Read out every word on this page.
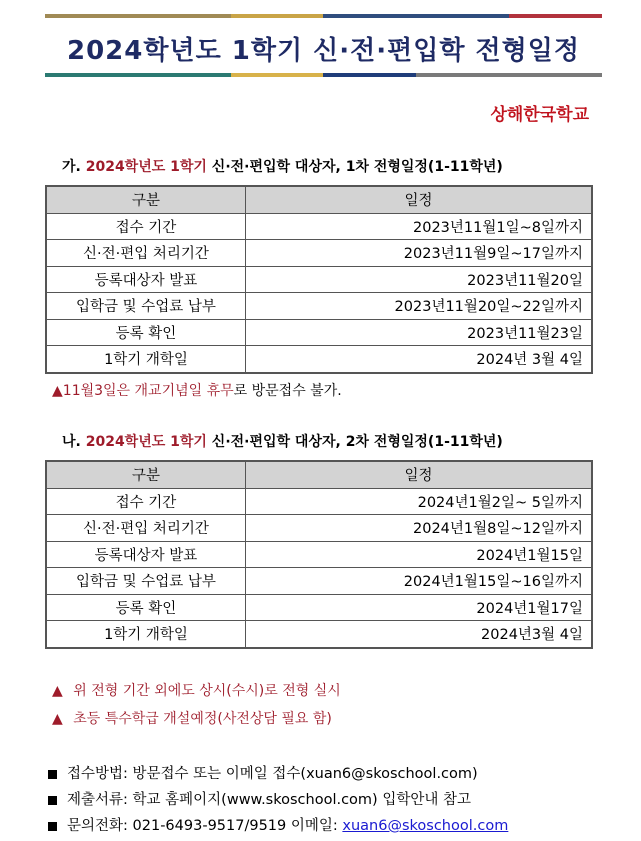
2024학년도 1학기 신·전·편입학 전형일정
상해한국학교
가. 2024학년도 1학기 신·전·편입학 대상자, 1차 전형일정(1-11학년)
구분	일정
접수 기간	2023년11월1일~8일까지
신·전·편입 처리기간	2023년11월9일~17일까지
등록대상자 발표	2023년11월20일
입학금 및 수업료 납부	2023년11월20일~22일까지
등록 확인	2023년11월23일
1학기 개학일	2024년 3월 4일
▲11월3일은 개교기념일 휴무로 방문접수 불가.
나. 2024학년도 1학기 신·전·편입학 대상자, 2차 전형일정(1-11학년)
구분	일정
접수 기간	2024년1월2일~ 5일까지
신·전·편입 처리기간	2024년1월8일~12일까지
등록대상자 발표	2024년1월15일
입학금 및 수업료 납부	2024년1월15일~16일까지
등록 확인	2024년1월17일
1학기 개학일	2024년3월 4일
▲ 위 전형 기간 외에도 상시(수시)로 전형 실시
▲ 초등 특수학급 개설예정(사전상담 필요 함)
접수방법: 방문접수 또는 이메일 접수(xuan6@skoschool.com)
제출서류: 학교 홈페이지(www.skoschool.com) 입학안내 참고
문의전화: 021-6493-9517/9519 이메일: xuan6@skoschool.com
